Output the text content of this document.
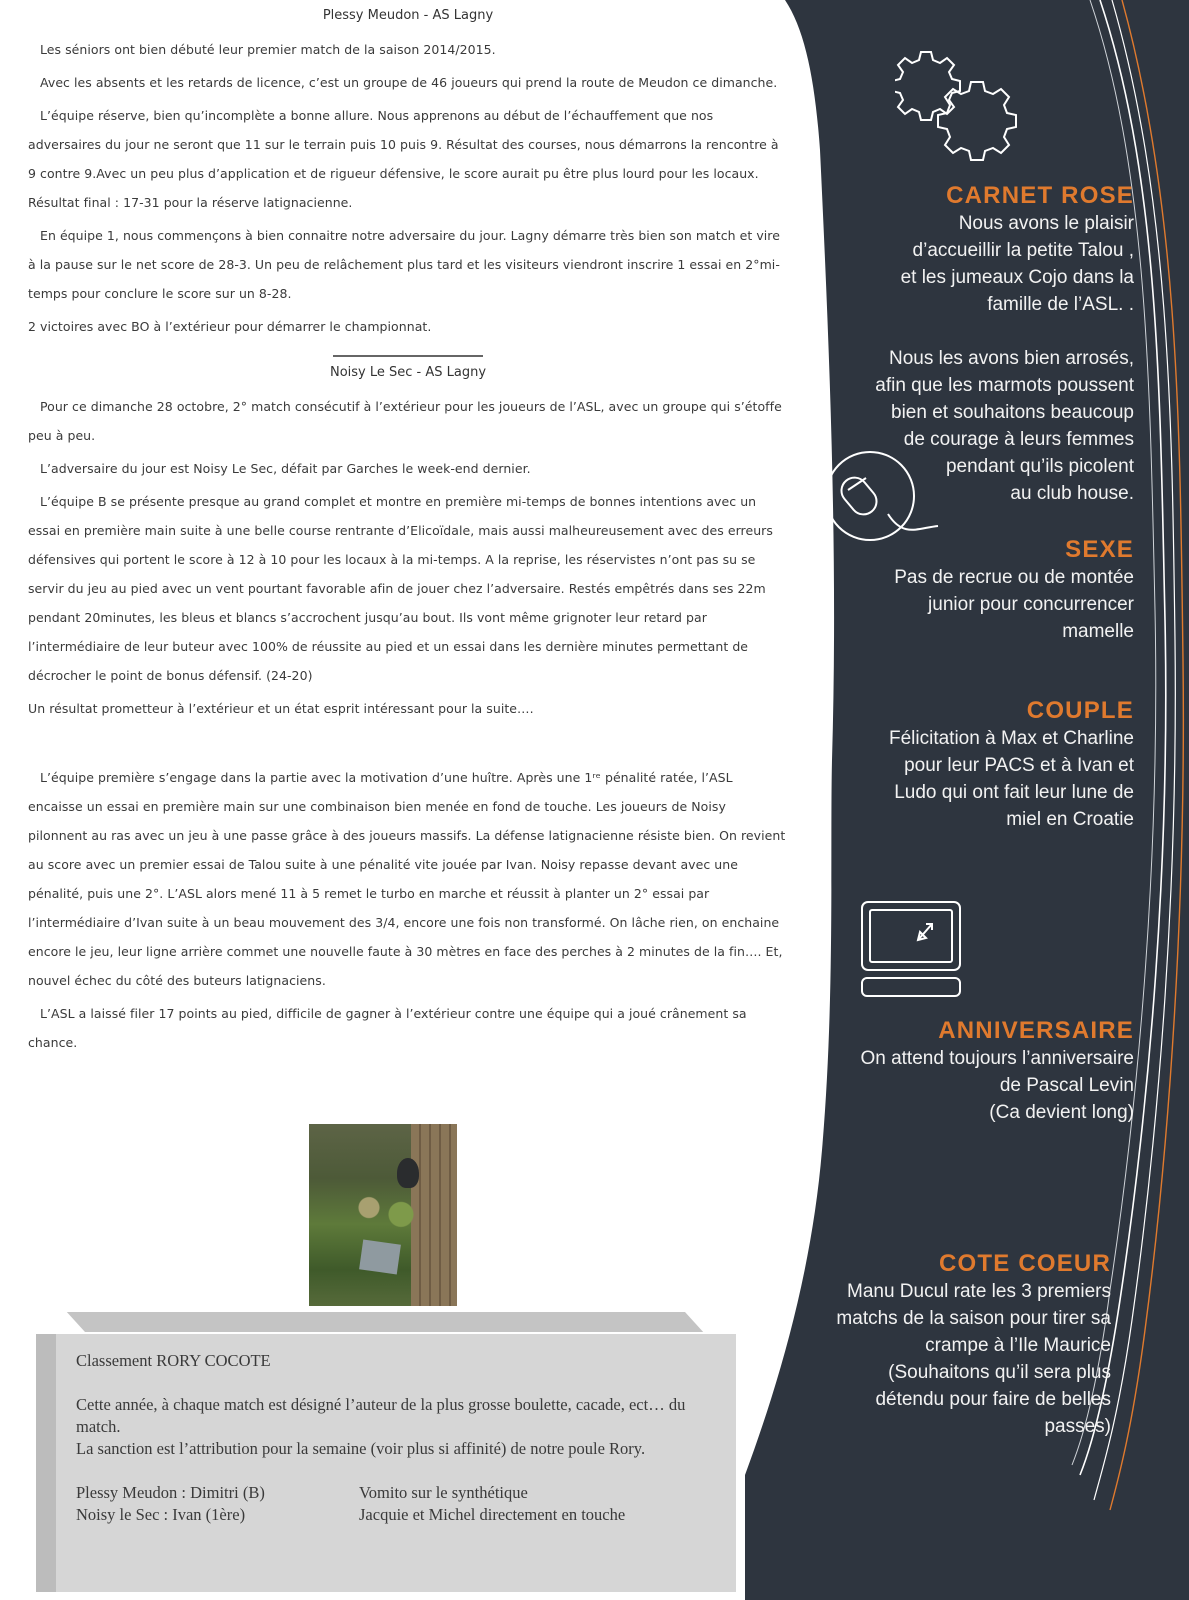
CARNET ROSE
Nous avons le plaisir
d’accueillir la petite Talou ,
et les jumeaux Cojo dans la
famille de l’ASL. .

Nous les avons bien arrosés,
afin que les marmots poussent
bien et souhaitons beaucoup
de courage à leurs femmes
pendant qu’ils picolent
au club house.
SEXE
Pas de recrue ou de montée
junior pour concurrencer
mamelle
COUPLE
Félicitation à Max et Charline
pour leur PACS et à Ivan et
Ludo qui ont fait leur lune de
miel en Croatie
ANNIVERSAIRE
On attend toujours l’anniversaire
de Pascal Levin
(Ca devient long)
COTE COEUR
Manu Ducul rate les 3 premiers
matchs de la saison pour tirer sa
crampe à l’Ile Maurice
(Souhaitons qu’il sera plus
détendu pour faire de belles
passes)
Plessy Meudon - AS Lagny

Les séniors ont bien débuté leur premier match de la saison 2014/2015.

Avec les absents et les retards de licence, c’est un groupe de 46 joueurs qui prend la route de Meudon ce dimanche.

L’équipe réserve, bien qu’incomplète a bonne allure. Nous apprenons au début de l’échauffement que nos adversaires du jour ne seront que 11 sur le terrain puis 10 puis 9. Résultat des courses, nous démarrons la rencontre à 9 contre 9.Avec un peu plus d’application et de rigueur défensive, le score aurait pu être plus lourd pour les locaux. Résultat final : 17-31 pour la réserve latignacienne.

En équipe 1, nous commençons à bien connaitre notre adversaire du jour. Lagny démarre très bien son match et vire à la pause sur le net score de 28-3. Un peu de relâchement plus tard et les visiteurs viendront inscrire 1 essai en 2°mi-temps pour conclure le score sur un 8-28.

2 victoires avec BO à l’extérieur pour démarrer le championnat.

Noisy Le Sec - AS Lagny

Pour ce dimanche 28 octobre, 2° match consécutif à l’extérieur pour les joueurs de l’ASL, avec un groupe qui s’étoffe peu à peu.

L’adversaire du jour est Noisy Le Sec, défait par Garches le week-end dernier.

L’équipe B se présente presque au grand complet et montre en première mi-temps de bonnes intentions avec un essai en première main suite à une belle course rentrante d’Elicoïdale, mais aussi malheureusement avec des erreurs défensives qui portent le score à 12 à 10 pour les locaux à la mi-temps. A la reprise, les réservistes n’ont pas su se servir du jeu au pied avec un vent pourtant favorable afin de jouer chez l’adversaire. Restés empêtrés dans ses 22m pendant 20minutes, les bleus et blancs s’accrochent jusqu’au bout. Ils vont même grignoter leur retard par l’intermédiaire de leur buteur avec 100% de réussite au pied et un essai dans les dernière minutes permettant de décrocher le point de bonus défensif. (24-20)

Un résultat prometteur à l’extérieur et un état esprit intéressant pour la suite….

L’équipe première s’engage dans la partie avec la motivation d’une huître. Après une 1ʳᵉ pénalité ratée, l’ASL encaisse un essai en première main sur une combinaison bien menée en fond de touche. Les joueurs de Noisy pilonnent au ras avec un jeu à une passe grâce à des joueurs massifs. La défense latignacienne résiste bien. On revient au score avec un premier essai de Talou suite à une pénalité vite jouée par Ivan. Noisy repasse devant avec une pénalité, puis une 2°. L’ASL alors mené 11 à 5 remet le turbo en marche et réussit à planter un 2° essai par l’intermédiaire d’Ivan suite à un beau mouvement des 3/4, encore une fois non transformé. On lâche rien, on enchaine encore le jeu, leur ligne arrière commet une nouvelle faute à 30 mètres en face des perches à 2 minutes de la fin…. Et, nouvel échec du côté des buteurs latignaciens.

L’ASL a laissé filer 17 points au pied, difficile de gagner à l’extérieur contre une équipe qui a joué crânement sa chance.

Classement RORY COCOTE

Cette année, à chaque match est désigné l’auteur de la plus grosse boulette, cacade, ect… du match.

La sanction est l’attribution pour la semaine (voir plus si affinité) de notre poule Rory.

Plessy Meudon : Dimitri (B)	Vomito sur le synthétique
Noisy le Sec : Ivan (1ère)	Jacquie et Michel directement en touche
